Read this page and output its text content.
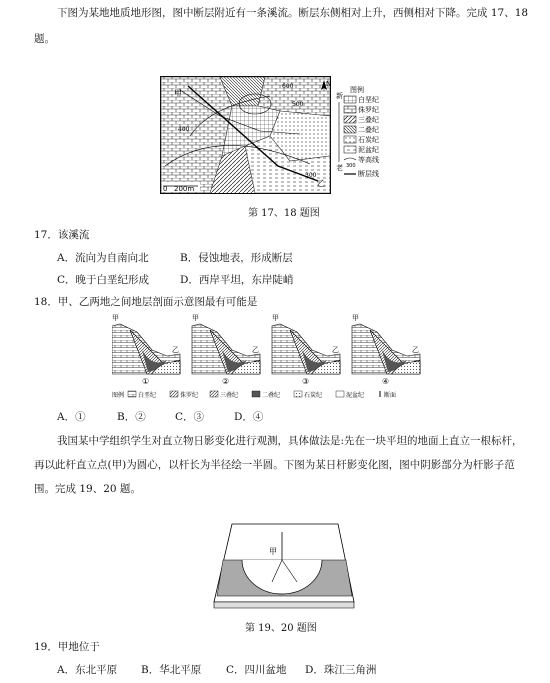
下图为某地地质地形图，图中断层附近有一条溪流。断层东侧相对上升，西侧相对下降。完成 17、18
题。
0 200m
甲
乙
600
500
400
300
N
新
老
图例
白垩纪
侏罗纪
三叠纪
二叠纪
石炭纪
泥盆纪
300
等高线
断层线
第 17、18 题图
17．该溪流
A．流向为自南向北	B．侵蚀地表，形成断层
C．晚于白垩纪形成	D．西岸平坦，东岸陡峭
18．甲、乙两地之间地层剖面示意图最有可能是
甲
乙
①
甲
乙
②
甲
乙
③
甲
乙
④
图例 白垩纪	侏罗纪	三叠纪	二叠纪	石炭纪	泥盆纪	断面
A．①	B．②	C．③	D．④
我国某中学组织学生对直立物日影变化进行观测，具体做法是:先在一块平坦的地面上直立一根标杆，
再以此杆直立点(甲)为圆心，以杆长为半径绘一半圆。下图为某日杆影变化图，图中阴影部分为杆影子范
围。完成 19、20 题。
甲
第 19、20 题图
19．甲地位于
A．东北平原 B．华北平原 C．四川盆地 D．珠江三角洲
